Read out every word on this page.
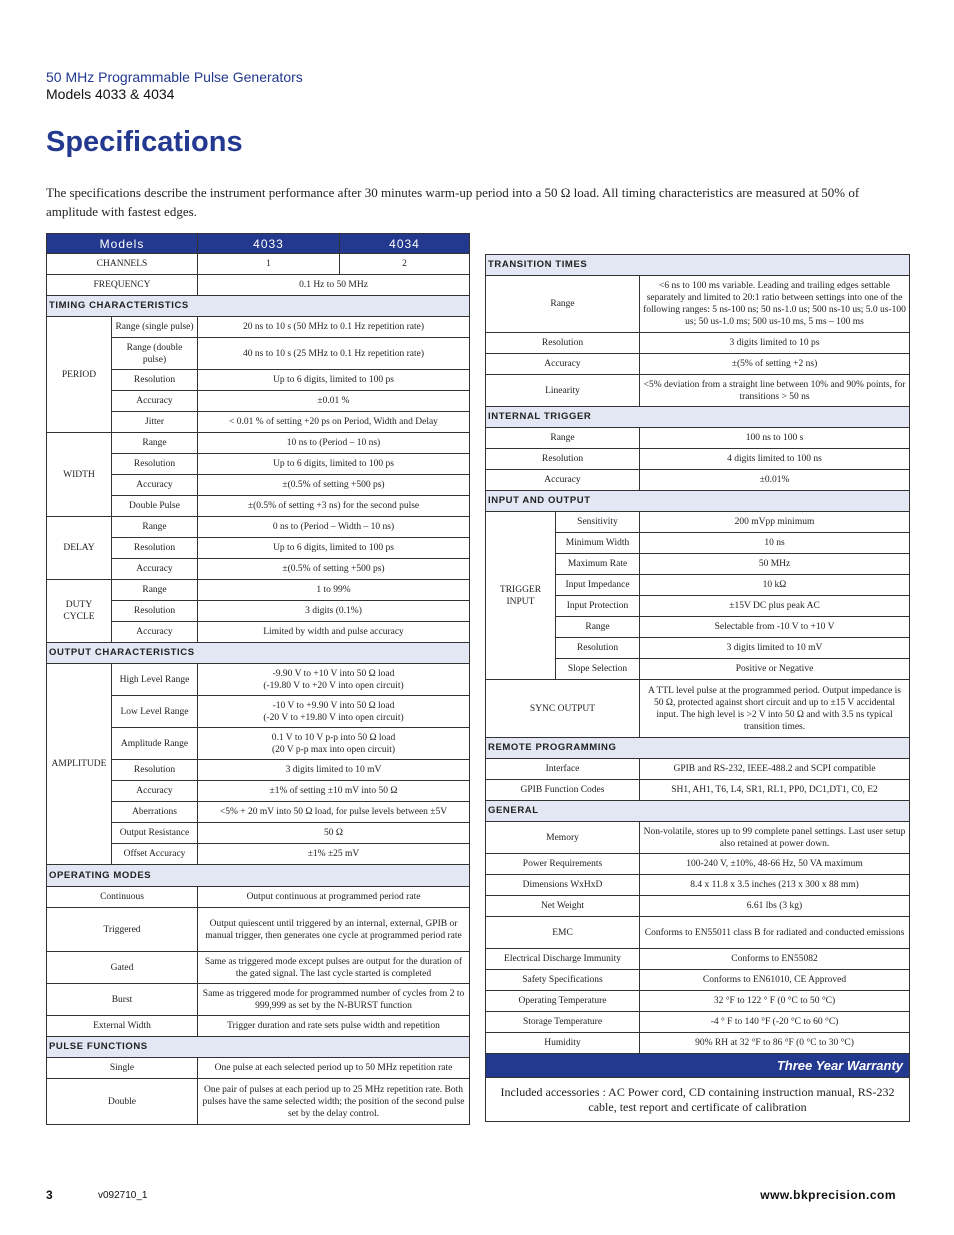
50 MHz Programmable Pulse Generators
Models 4033 & 4034
Specifications
The specifications describe the instrument performance after 30 minutes warm-up period into a 50 Ω load. All timing characteristics are measured at 50% of amplitude with fastest edges.
Models		4033	4034
CHANNELS		1	2
FREQUENCY		0.1 Hz to 50 MHz	
TIMING CHARACTERISTICS			
PERIOD	Range (single pulse)	20 ns to 10 s (50 MHz to 0.1 Hz repetition rate)	
	Range (double pulse)	40 ns to 10 s (25 MHz to 0.1 Hz repetition rate)	
	Resolution	Up to 6 digits, limited to 100 ps	
	Accuracy	±0.01 %	
	Jitter	< 0.01 % of setting +20 ps on Period, Width and Delay	
WIDTH	Range	10 ns to (Period – 10 ns)	
	Resolution	Up to 6 digits, limited to 100 ps	
	Accuracy	±(0.5% of setting +500 ps)	
	Double Pulse	±(0.5% of setting +3 ns) for the second pulse	
DELAY	Range	0 ns to (Period – Width – 10 ns)	
	Resolution	Up to 6 digits, limited to 100 ps	
	Accuracy	±(0.5% of setting +500 ps)	
DUTY CYCLE	Range	1 to 99%	
	Resolution	3 digits (0.1%)	
	Accuracy	Limited by width and pulse accuracy	
OUTPUT CHARACTERISTICS			
AMPLITUDE	High Level Range	-9.90 V to +10 V into 50 Ω load
(-19.80 V to +20 V into open circuit)	

	Low Level Range	-10 V to +9.90 V into 50 Ω load
(-20 V to +19.80 V into open circuit)	

	Amplitude Range	0.1 V to 10 V p-p into 50 Ω load
(20 V p-p max into open circuit)	

	Resolution	3 digits limited to 10 mV	
	Accuracy	±1% of setting ±10 mV into 50 Ω	
	Aberrations	<5% + 20 mV into 50 Ω load, for pulse levels between ±5V	
	Output Resistance	50 Ω	
	Offset Accuracy	±1% ±25 mV	
OPERATING MODES			
Continuous		Output continuous at programmed period rate	
Triggered		Output quiescent until triggered by an internal, external, GPIB or manual trigger, then generates one cycle at programmed period rate	
Gated		Same as triggered mode except pulses are output for the duration of the gated signal. The last cycle started is completed	
Burst		Same as triggered mode for programmed number of cycles from 2 to 999,999 as set by the N-BURST function	
External Width		Trigger duration and rate sets pulse width and repetition	
PULSE FUNCTIONS			
Single		One pulse at each selected period up to 50 MHz repetition rate	
Double		One pair of pulses at each period up to 25 MHz repetition rate. Both pulses have the same selected width; the position of the second pulse set by the delay control.	
TRANSITION TIMES		
Range		<6 ns to 100 ms variable. Leading and trailing edges settable separately and limited to 20:1 ratio between settings into one of the following ranges: 5 ns-100 ns; 50 ns-1.0 us; 500 ns-10 us; 5.0 us-100 us; 50 us-1.0 ms; 500 us-10 ms, 5 ms – 100 ms
Resolution		3 digits limited to 10 ps
Accuracy		±(5% of setting +2 ns)
Linearity		<5% deviation from a straight line between 10% and 90% points, for transitions > 50 ns
INTERNAL TRIGGER		
Range		100 ns to 100 s
Resolution		4 digits limited to 100 ns
Accuracy		±0.01%
INPUT AND OUTPUT		

TRIGGER
INPUT	Sensitivity	200 mVpp minimum
	Minimum Width	10 ns
	Maximum Rate	50 MHz
	Input Impedance	10 kΩ
	Input Protection	±15V DC plus peak AC
	Range	Selectable from -10 V to +10 V
	Resolution	3 digits limited to 10 mV
	Slope Selection	Positive or Negative
SYNC OUTPUT		A TTL level pulse at the programmed period. Output impedance is 50 Ω, protected against short circuit and up to ±15 V accidental input. The high level is >2 V into 50 Ω and with 3.5 ns typical transition times.
REMOTE PROGRAMMING		
Interface		GPIB and RS-232, IEEE-488.2 and SCPI compatible
GPIB Function Codes		SH1, AH1, T6, L4, SR1, RL1, PP0, DC1,DT1, C0, E2
GENERAL		
Memory		Non-volatile, stores up to 99 complete panel settings. Last user setup also retained at power down.
Power Requirements		100-240 V, ±10%, 48-66 Hz, 50 VA maximum
Dimensions WxHxD		8.4 x 11.8 x 3.5 inches (213 x 300 x 88 mm)
Net Weight		6.61 lbs (3 kg)
EMC		Conforms to EN55011 class B for radiated and conducted emissions
Electrical Discharge Immunity		Conforms to EN55082
Safety Specifications		Conforms to EN61010, CE Approved
Operating Temperature		32 °F to 122 ° F (0 °C to 50 °C)
Storage Temperature		-4 ° F to 140 °F (-20 °C to 60 °C)
Humidity		90% RH at 32 °F to 86 °F (0 °C to 30 °C)
Three Year Warranty		
Included accessories : AC Power cord, CD containing instruction manual, RS-232 cable, test report and certificate of calibration		
3	v092710_1	www.bkprecision.com
